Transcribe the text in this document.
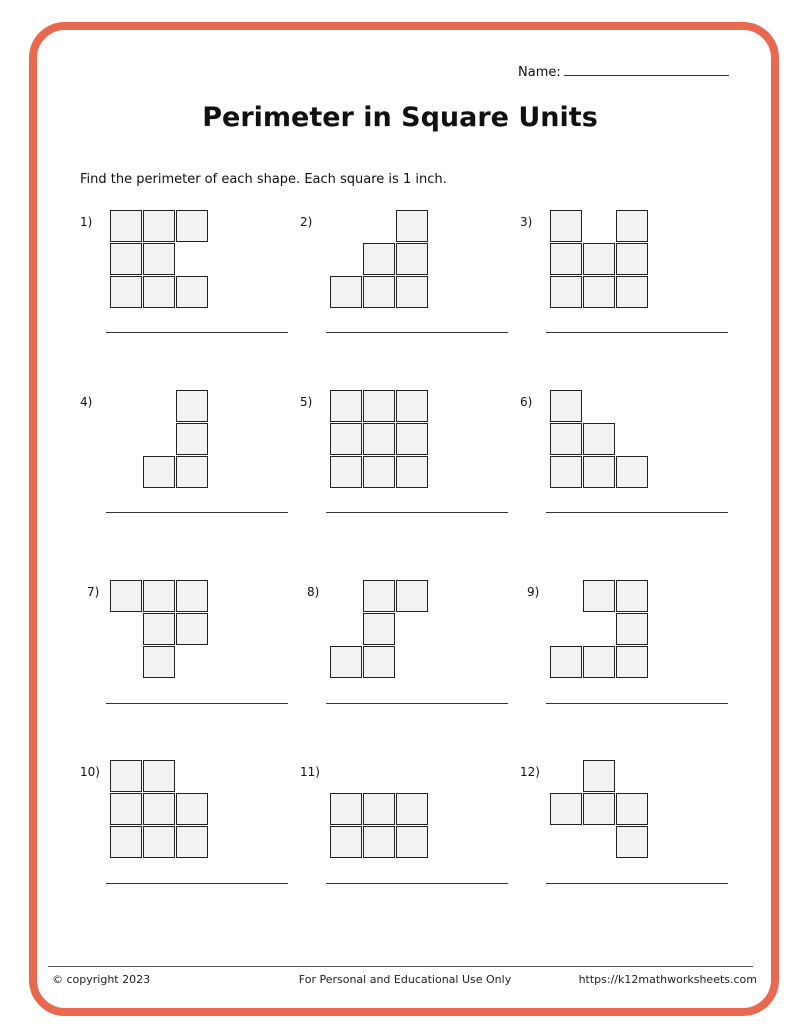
Name:
Perimeter in Square Units
Find the perimeter of each shape. Each square is 1 inch.
1)	2)	3)
4)	5)	6)
7)	8)	9)
10)	11)	12)
© copyright 2023	For Personal and Educational Use Only	https://k12mathworksheets.com
